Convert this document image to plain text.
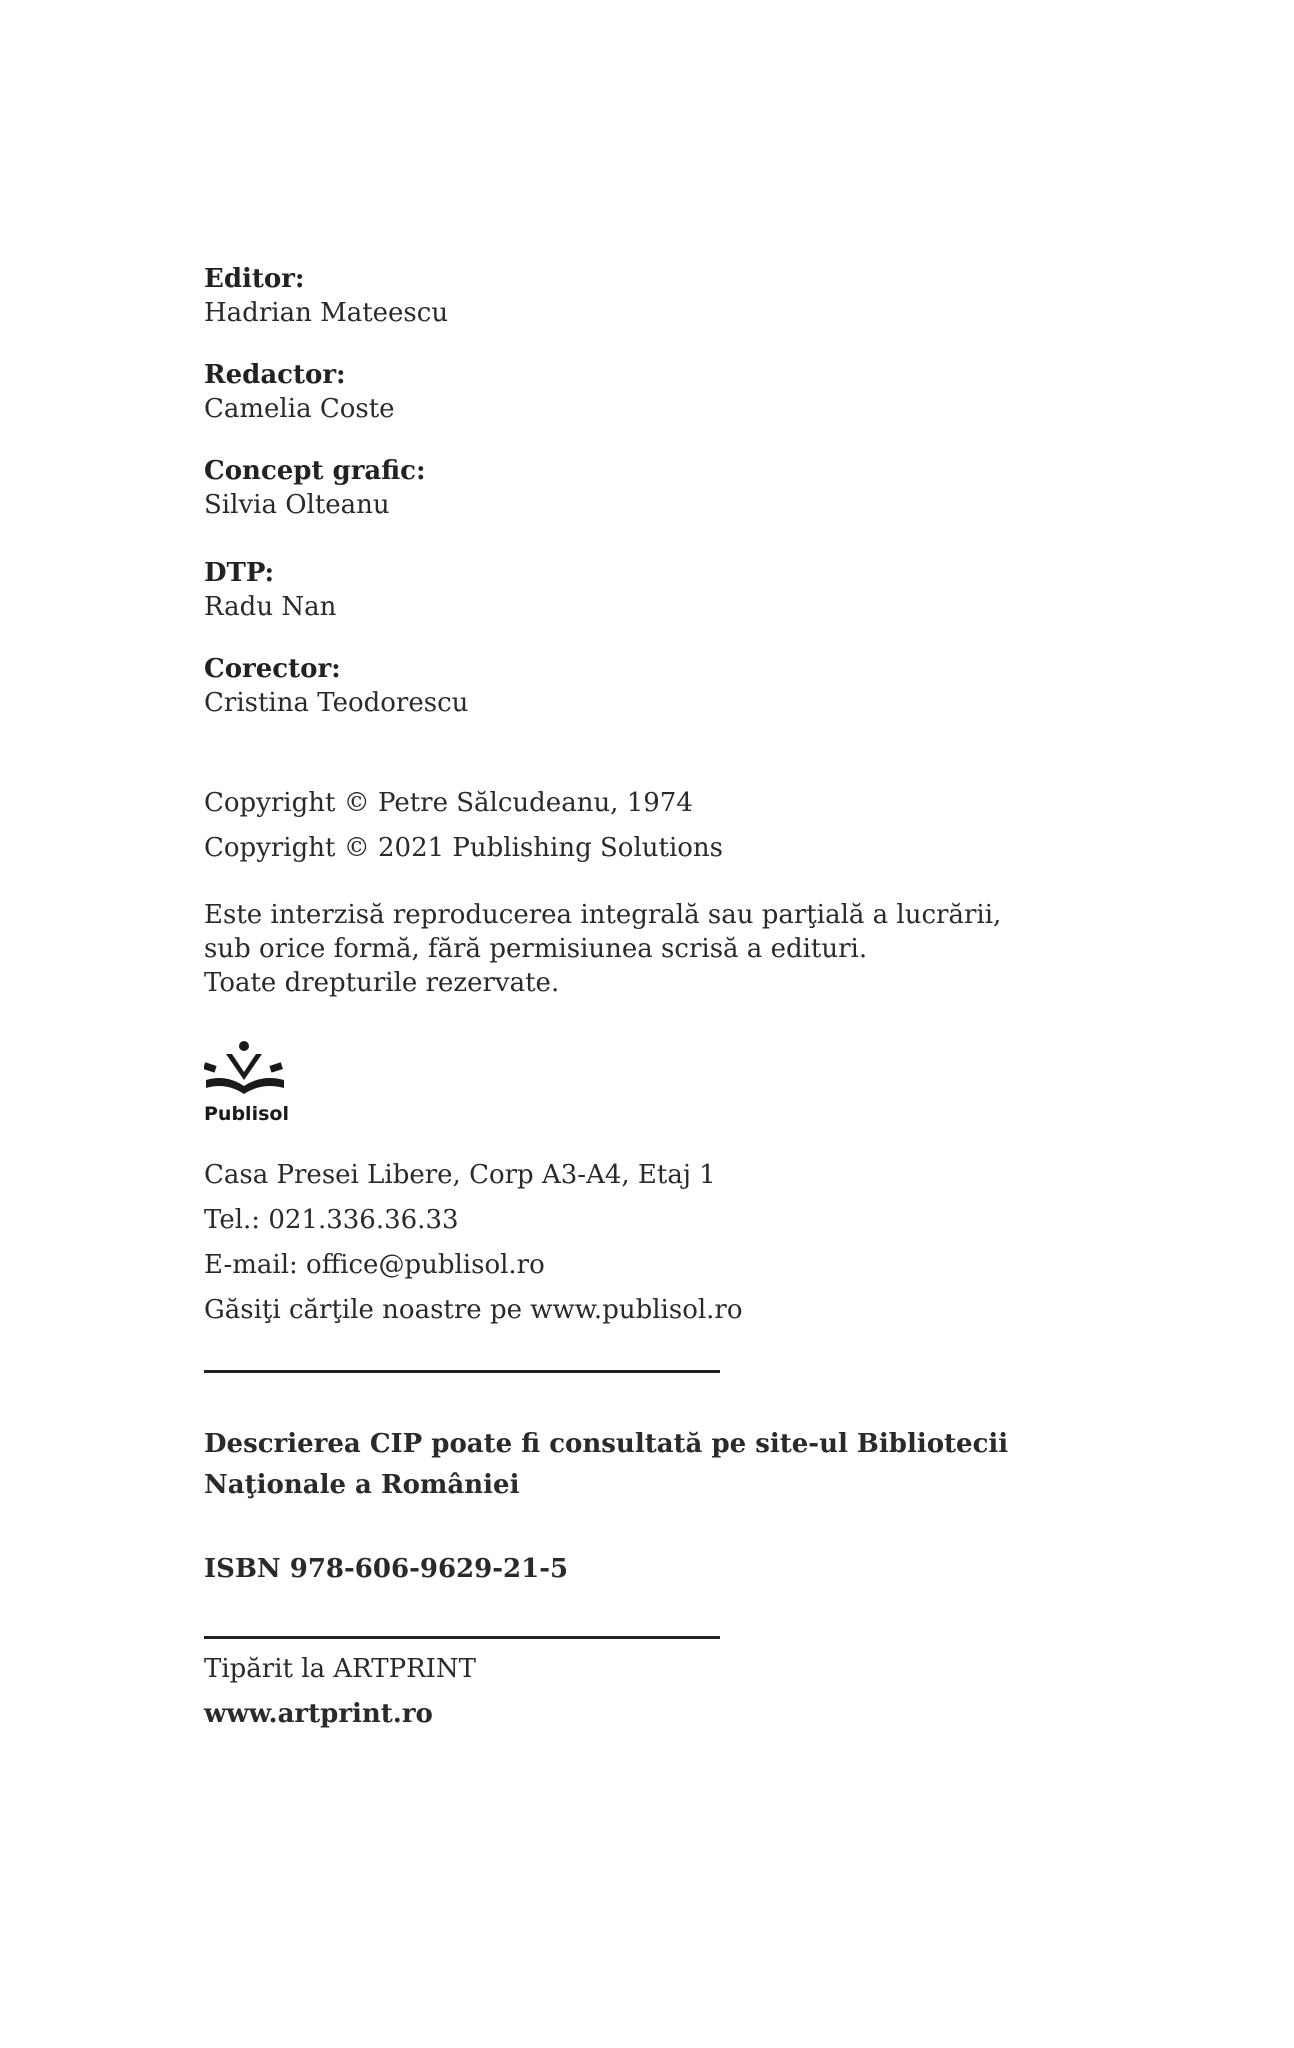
Editor:
Hadrian Mateescu
Redactor:
Camelia Coste
Concept grafic:
Silvia Olteanu
DTP:
Radu Nan
Corector:
Cristina Teodorescu
Copyright © Petre Sălcudeanu, 1974
Copyright © 2021 Publishing Solutions
Este interzisă reproducerea integrală sau parţială a lucrării,
sub orice formă, fără permisiunea scrisă a edituri.
Toate drepturile rezervate.
Publisol
Casa Presei Libere, Corp A3-A4, Etaj 1
Tel.: 021.336.36.33
E-mail: office@publisol.ro
Găsiţi cărţile noastre pe www.publisol.ro
Descrierea CIP poate fi consultată pe site-ul Bibliotecii
Naţionale a României
ISBN 978-606-9629-21-5
Tipărit la ARTPRINT
www.artprint.ro
